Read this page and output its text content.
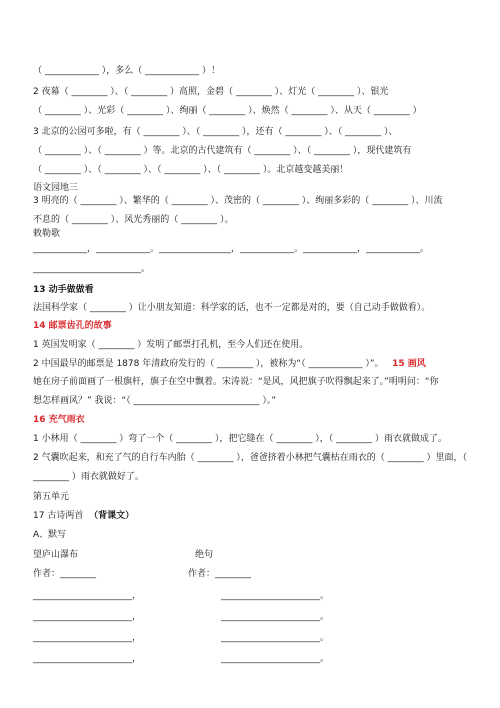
（ ____________ ），多么（ ____________ ）！
2 夜幕（ ________ ）、（ ________ ）高照，金碧（ ________ ）、灯光（ ________ ）、银光
（ ________ ）、光彩（ ________ ）、绚丽（ ________ ）、焕然（ ________ ）、从天（ ________ ）
3 北京的公园可多啦，有（ ________ ）、（ ________ ），还有（ ________ ）、（ ________ ）、
（ ________ ）、（ ________ ）等。北京的古代建筑有（ ________ ）、（ ________ ），现代建筑有
（ ________ ）、（ ________ ）、（ ________ ）、（ ________ ）。北京越变越美丽！
语文园地三
3 明亮的（ ________ ）、繁华的（ ________ ）、茂密的（ ________ ）、绚丽多彩的（ ________ ）、川流
不息的（ ________ ）、风光秀丽的（ ________ ）。
敕勒歌
____________，____________。________________，____________。____________，____________。
________________________。
13 动手做做看
法国科学家（ ________ ）让小朋友知道：科学家的话，也不一定都是对的，要（自己动手做做看）。
14 邮票齿孔的故事
1 英国发明家（ ________ ）发明了邮票打孔机，至今人们还在使用。
2 中国最早的邮票是 1878 年清政府发行的（ ________ ），被称为“（ ____________ ）”。 15 画风
她在房子前面画了一根旗杆，旗子在空中飘着。宋涛说：“是风，风把旗子吹得飘起来了。”明明问：“你
想怎样画风？” 我说：“（ ____________________________ ）。”
16 充气雨衣
1 小林用（ ________ ）弯了一个（ ________ ），把它缝在（ ________ ），（ ________ ）雨衣就做成了。
2 气囊吹起来，和充了气的自行车内胎（ ________ ），爸爸挤着小林把气囊枯在雨衣的（ ________ ）里面，（
________ ）雨衣就做好了。
第五单元
17 古诗两首 （背课文）
A、默写
望庐山瀑布	绝句
作者：________	作者：________
______________________，	______________________。
______________________，	______________________。
______________________，	______________________。
______________________，	______________________。
